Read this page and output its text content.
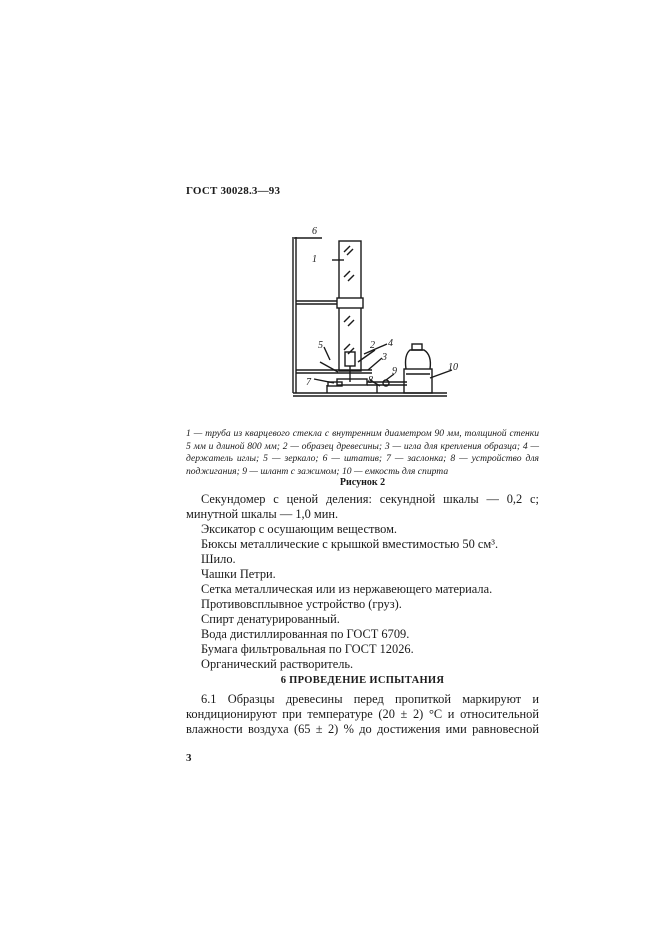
ГОСТ 30028.3—93
6
1
2 4
3
5
7	8
9	10
1 — труба из кварцевого стекла с внутренним диаметром 90 мм, толщиной стенки 5 мм и длиной 800 мм; 2 — образец древесины; 3 — игла для крепления образца; 4 — держатель иглы; 5 — зеркало; 6 — штатив; 7 — заслонка; 8 — устройство для поджигания; 9 — шлант с зажимом; 10 — емкость для спирта
Рисунок 2
Секундомер с ценой деления: секундной шкалы — 0,2 с;
минутной шкалы — 1,0 мин.
Эксикатор с осушающим веществом.
Бюксы металлические с крышкой вместимостью 50 см³.
Шило.
Чашки Петри.
Сетка металлическая или из нержавеющего материала.
Противовсплывное устройство (груз).
Спирт денатурированный.
Вода дистиллированная по ГОСТ 6709.
Бумага фильтровальная по ГОСТ 12026.
Органический растворитель.
6 ПРОВЕДЕНИЕ ИСПЫТАНИЯ
6.1 Образцы древесины перед пропиткой маркируют и
кондиционируют при температуре (20 ± 2) °С и относительной
влажности воздуха (65 ± 2) % до достижения ими равновесной
3
